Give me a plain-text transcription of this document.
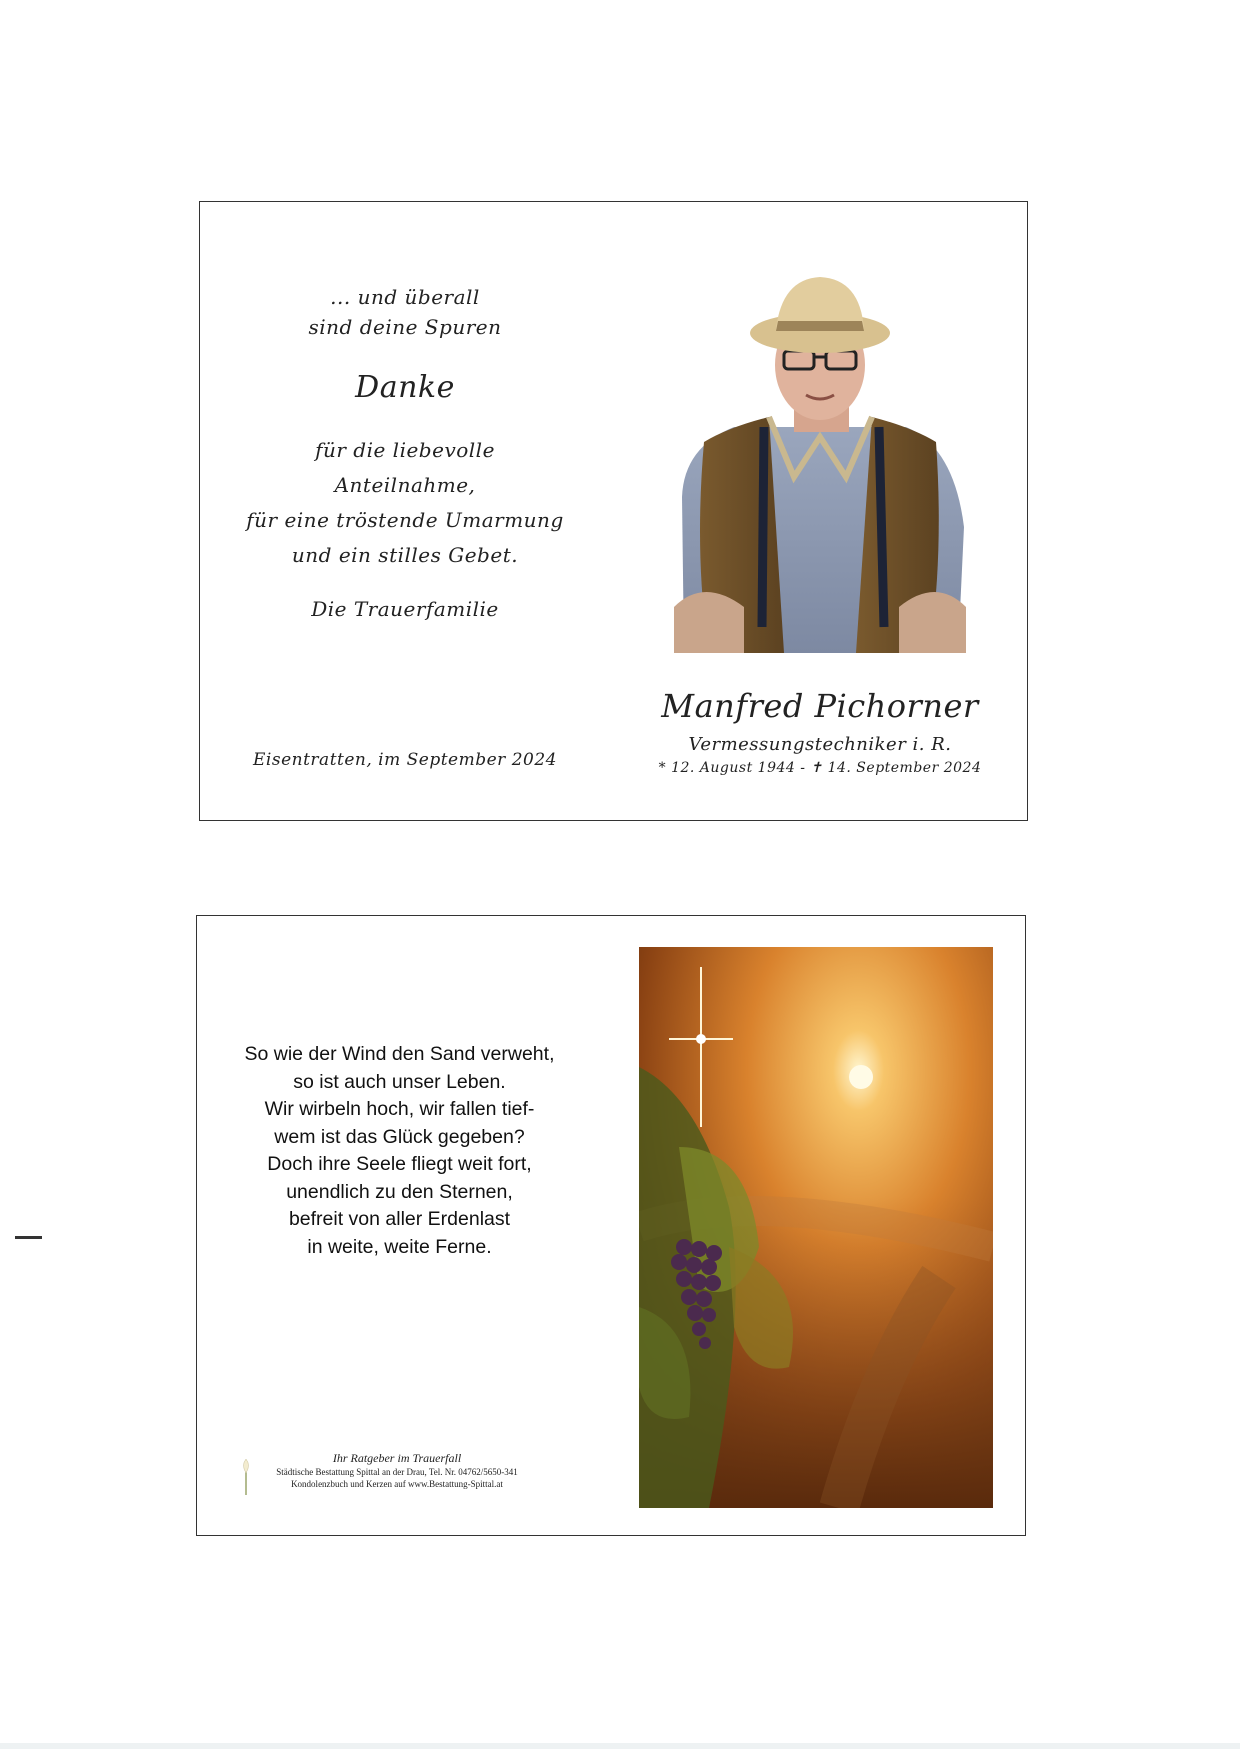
... und überall
sind deine Spuren
Danke
für die liebevolle
Anteilnahme,
für eine tröstende Umarmung
und ein stilles Gebet.
Die Trauerfamilie
Eisentratten, im September 2024
Manfred Pichorner
Vermessungstechniker i. R.
* 12. August 1944 - ✝ 14. September 2024
So wie der Wind den Sand verweht,
so ist auch unser Leben.
Wir wirbeln hoch, wir fallen tief-
wem ist das Glück gegeben?
Doch ihre Seele fliegt weit fort,
unendlich zu den Sternen,
befreit von aller Erdenlast
in weite, weite Ferne.
Ihr Ratgeber im Trauerfall
Städtische Bestattung Spittal an der Drau, Tel. Nr. 04762/5650-341
Kondolenzbuch und Kerzen auf www.Bestattung-Spittal.at
